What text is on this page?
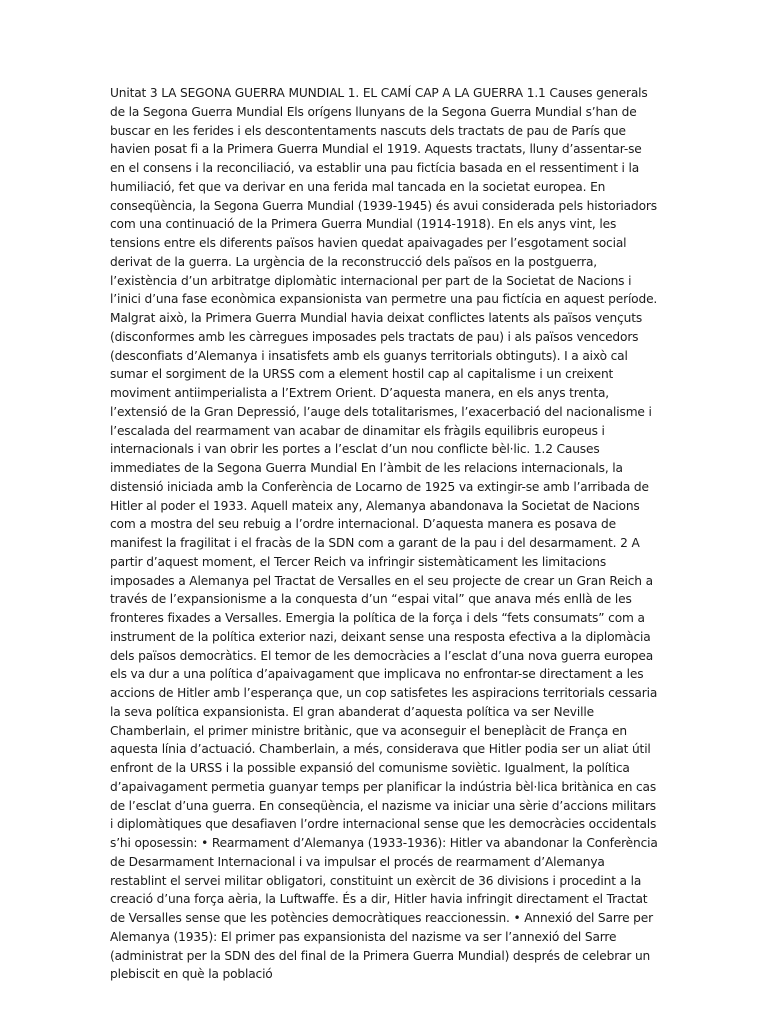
Unitat 3 LA SEGONA GUERRA MUNDIAL 1. EL CAMÍ CAP A LA GUERRA 1.1 Causes generals de la Segona Guerra Mundial Els orígens llunyans de la Segona Guerra Mundial s’han de buscar en les ferides i els descontentaments nascuts dels tractats de pau de París que havien posat fi a la Primera Guerra Mundial el 1919. Aquests tractats, lluny d’assentar-se en el consens i la reconciliació, va establir una pau fictícia basada en el ressentiment i la humiliació, fet que va derivar en una ferida mal tancada en la societat europea. En conseqüència, la Segona Guerra Mundial (1939-1945) és avui considerada pels historiadors com una continuació de la Primera Guerra Mundial (1914-1918). En els anys vint, les tensions entre els diferents països havien quedat apaivagades per l’esgotament social derivat de la guerra. La urgència de la reconstrucció dels països en la postguerra, l’existència d’un arbitratge diplomàtic internacional per part de la Societat de Nacions i l’inici d’una fase econòmica expansionista van permetre una pau fictícia en aquest període. Malgrat això, la Primera Guerra Mundial havia deixat conflictes latents als països vençuts (disconformes amb les càrregues imposades pels tractats de pau) i als països vencedors (desconfiats d’Alemanya i insatisfets amb els guanys territorials obtinguts). I a això cal sumar el sorgiment de la URSS com a element hostil cap al capitalisme i un creixent moviment antiimperialista a l’Extrem Orient. D’aquesta manera, en els anys trenta, l’extensió de la Gran Depressió, l’auge dels totalitarismes, l’exacerbació del nacionalisme i l’escalada del rearmament van acabar de dinamitar els fràgils equilibris europeus i internacionals i van obrir les portes a l’esclat d’un nou conflicte bèl·lic. 1.2 Causes immediates de la Segona Guerra Mundial En l’àmbit de les relacions internacionals, la distensió iniciada amb la Conferència de Locarno de 1925 va extingir-se amb l’arribada de Hitler al poder el 1933. Aquell mateix any, Alemanya abandonava la Societat de Nacions com a mostra del seu rebuig a l’ordre internacional. D’aquesta manera es posava de manifest la fragilitat i el fracàs de la SDN com a garant de la pau i del desarmament. 2 A partir d’aquest moment, el Tercer Reich va infringir sistemàticament les limitacions imposades a Alemanya pel Tractat de Versalles en el seu projecte de crear un Gran Reich a través de l’expansionisme a la conquesta d’un “espai vital” que anava més enllà de les fronteres fixades a Versalles. Emergia la política de la força i dels “fets consumats” com a instrument de la política exterior nazi, deixant sense una resposta efectiva a la diplomàcia dels països democràtics. El temor de les democràcies a l’esclat d’una nova guerra europea els va dur a una política d’apaivagament que implicava no enfrontar-se directament a les accions de Hitler amb l’esperança que, un cop satisfetes les aspiracions territorials cessaria la seva política expansionista. El gran abanderat d’aquesta política va ser Neville Chamberlain, el primer ministre britànic, que va aconseguir el beneplàcit de França en aquesta línia d’actuació. Chamberlain, a més, considerava que Hitler podia ser un aliat útil enfront de la URSS i la possible expansió del comunisme soviètic. Igualment, la política d’apaivagament permetia guanyar temps per planificar la indústria bèl·lica britànica en cas de l’esclat d’una guerra. En conseqüència, el nazisme va iniciar una sèrie d’accions militars i diplomàtiques que desafiaven l’ordre internacional sense que les democràcies occidentals s’hi oposessin: • Rearmament d’Alemanya (1933-1936): Hitler va abandonar la Conferència de Desarmament Internacional i va impulsar el procés de rearmament d’Alemanya restablint el servei militar obligatori, constituint un exèrcit de 36 divisions i procedint a la creació d’una força aèria, la Luftwaffe. És a dir, Hitler havia infringit directament el Tractat de Versalles sense que les potències democràtiques reaccionessin. • Annexió del Sarre per Alemanya (1935): El primer pas expansionista del nazisme va ser l’annexió del Sarre (administrat per la SDN des del final de la Primera Guerra Mundial) després de celebrar un plebiscit en què la població
